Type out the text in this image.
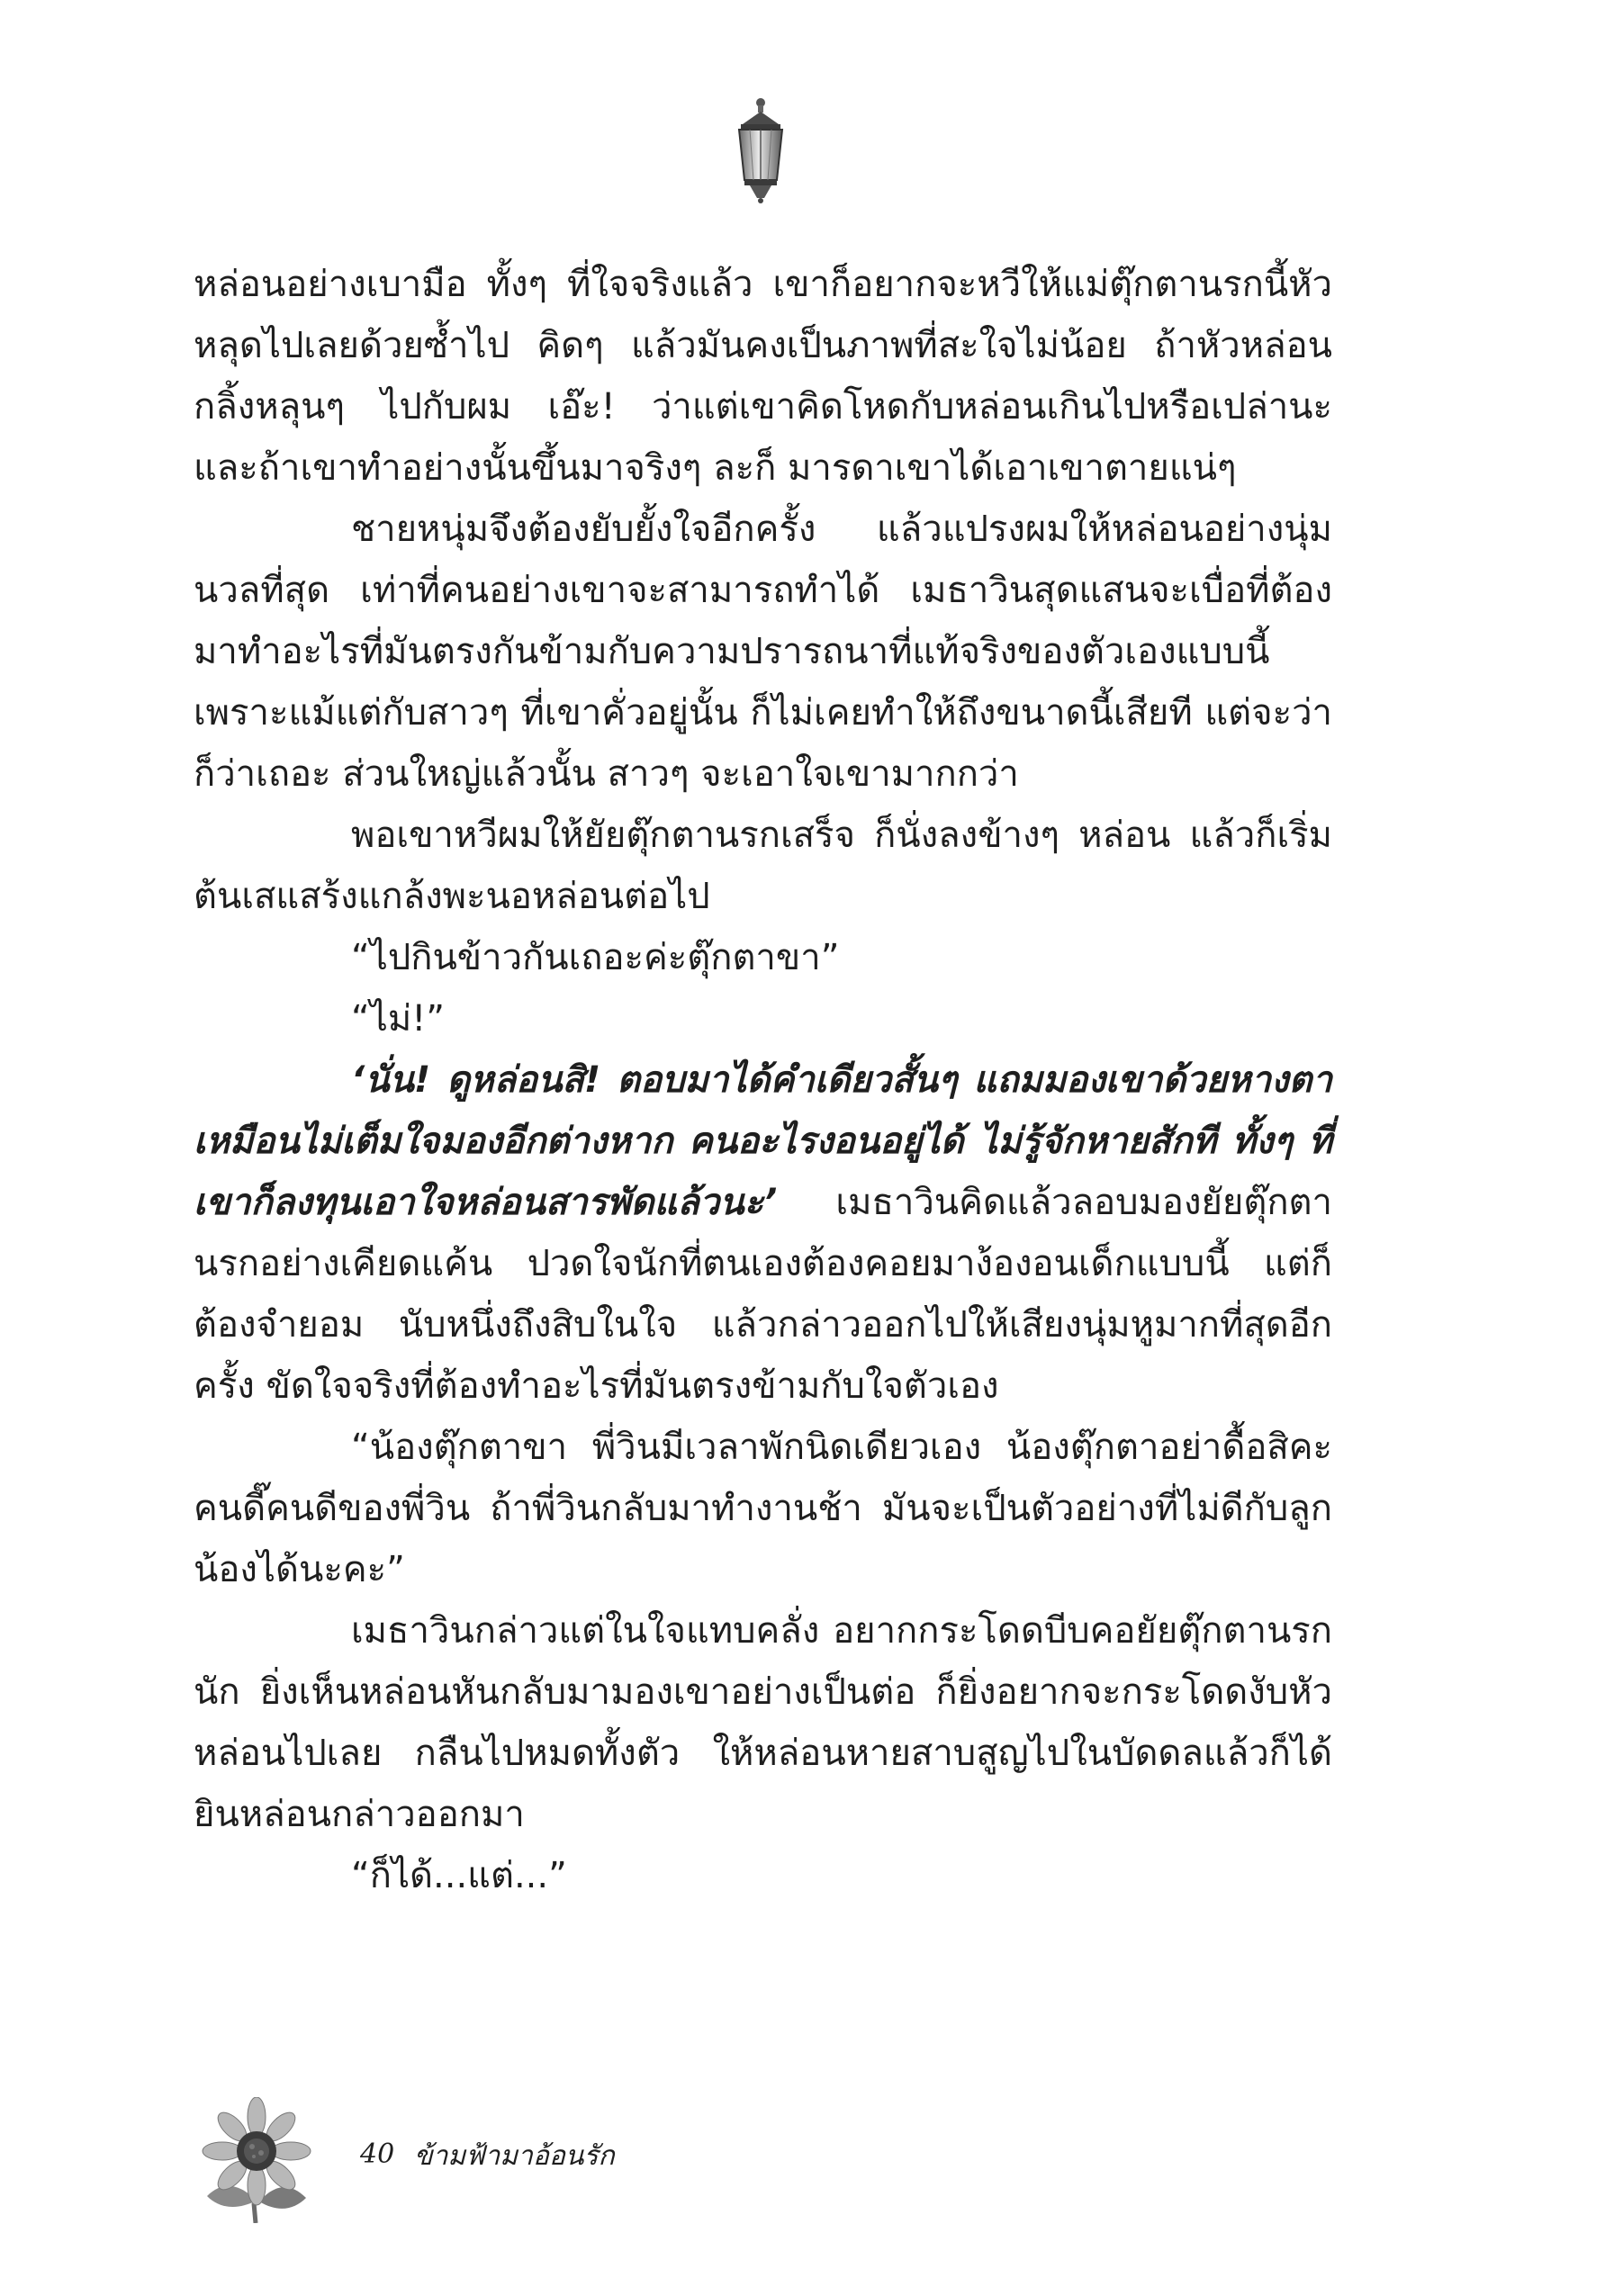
หล่อนอย่างเบามือ ทั้งๆ ที่ใจจริงแล้ว เขาก็อยากจะหวีให้แม่ตุ๊กตานรกนี้หัวหลุดไปเลยด้วยซ้ำไป คิดๆ แล้วมันคงเป็นภาพที่สะใจไม่น้อย ถ้าหัวหล่อนกลิ้งหลุนๆ ไปกับผม เอ๊ะ! ว่าแต่เขาคิดโหดกับหล่อนเกินไปหรือเปล่านะ และถ้าเขาทำอย่างนั้นขึ้นมาจริงๆ ละก็ มารดาเขาได้เอาเขาตายแน่ๆ

ชายหนุ่มจึงต้องยับยั้งใจอีกครั้ง แล้วแปรงผมให้หล่อนอย่างนุ่มนวลที่สุด เท่าที่คนอย่างเขาจะสามารถทำได้ เมธาวินสุดแสนจะเบื่อที่ต้องมาทำอะไรที่มันตรงกันข้ามกับความปรารถนาที่แท้จริงของตัวเองแบบนี้ เพราะแม้แต่กับสาวๆ ที่เขาคั่วอยู่นั้น ก็ไม่เคยทำให้ถึงขนาดนี้เสียที แต่จะว่าก็ว่าเถอะ ส่วนใหญ่แล้วนั้น สาวๆ จะเอาใจเขามากกว่า

พอเขาหวีผมให้ยัยตุ๊กตานรกเสร็จ ก็นั่งลงข้างๆ หล่อน แล้วก็เริ่มต้นเสแสร้งแกล้งพะนอหล่อนต่อไป

“ไปกินข้าวกันเถอะค่ะตุ๊กตาขา”

“ไม่!”

‘นั่น! ดูหล่อนสิ! ตอบมาได้คำเดียวสั้นๆ แถมมองเขาด้วยหางตาเหมือนไม่เต็มใจมองอีกต่างหาก คนอะไรงอนอยู่ได้ ไม่รู้จักหายสักที ทั้งๆ ที่เขาก็ลงทุนเอาใจหล่อนสารพัดแล้วนะ’ เมธาวินคิดแล้วลอบมองยัยตุ๊กตานรกอย่างเคียดแค้น ปวดใจนักที่ตนเองต้องคอยมาง้องอนเด็กแบบนี้ แต่ก็ต้องจำยอม นับหนึ่งถึงสิบในใจ แล้วกล่าวออกไปให้เสียงนุ่มหูมากที่สุดอีกครั้ง ขัดใจจริงที่ต้องทำอะไรที่มันตรงข้ามกับใจตัวเอง

“น้องตุ๊กตาขา พี่วินมีเวลาพักนิดเดียวเอง น้องตุ๊กตาอย่าดื้อสิคะ คนดี๊คนดีของพี่วิน ถ้าพี่วินกลับมาทำงานช้า มันจะเป็นตัวอย่างที่ไม่ดีกับลูกน้องได้นะคะ”

เมธาวินกล่าวแต่ในใจแทบคลั่ง อยากกระโดดบีบคอยัยตุ๊กตานรกนัก ยิ่งเห็นหล่อนหันกลับมามองเขาอย่างเป็นต่อ ก็ยิ่งอยากจะกระโดดงับหัวหล่อนไปเลย กลืนไปหมดทั้งตัว ให้หล่อนหายสาบสูญไปในบัดดลแล้วก็ได้ยินหล่อนกล่าวออกมา

“ก็ได้...แต่...”

40 ข้ามฟ้ามาอ้อนรัก
